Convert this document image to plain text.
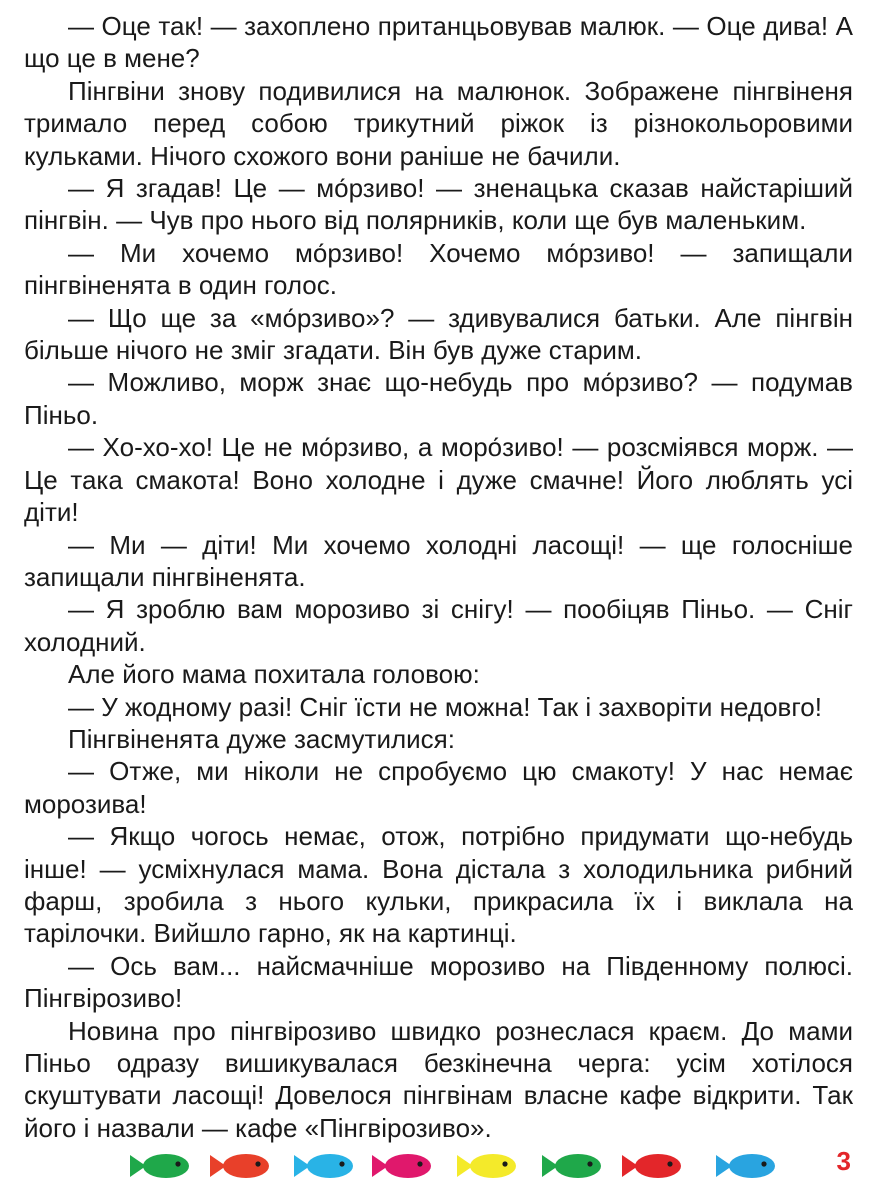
— Оце так! — захоплено пританцьовував малюк. — Оце дива! А що це в мене?

Пінгвіни знову подивилися на малюнок. Зображене пінгвіненя тримало перед собою трикутний ріжок із різнокольоровими кульками. Нічого схожого вони раніше не бачили.

— Я згадав! Це — мо́рзиво! — зненацька сказав найстаріший пінгвін. — Чув про нього від полярників, коли ще був маленьким.

— Ми хочемо мо́рзиво! Хочемо мо́рзиво! — запищали пінгвіненята в один голос.

— Що ще за «мо́рзиво»? — здивувалися батьки. Але пінгвін більше нічого не зміг згадати. Він був дуже старим.

— Можливо, морж знає що-небудь про мо́рзиво? — подумав Піньо.

— Хо-хо-хо! Це не мо́рзиво, а моро́зиво! — розсміявся морж. — Це така смакота! Воно холодне і дуже смачне! Його люблять усі діти!

— Ми — діти! Ми хочемо холодні ласощі! — ще голосніше запищали пінгвіненята.

— Я зроблю вам морозиво зі снігу! — пообіцяв Піньо. — Сніг холодний.

Але його мама похитала головою:

— У жодному разі! Сніг їсти не можна! Так і захворіти недовго!

Пінгвіненята дуже засмутилися:

— Отже, ми ніколи не спробуємо цю смакоту! У нас немає морозива!

— Якщо чогось немає, отож, потрібно придумати що-небудь інше! — усміхнулася мама. Вона дістала з холодильника рибний фарш, зробила з нього кульки, прикрасила їх і виклала на тарілочки. Вийшло гарно, як на картинці.

— Ось вам... найсмачніше морозиво на Південному полюсі. Пінгвірозиво!

Новина про пінгвірозиво швидко рознеслася краєм. До мами Піньо одразу вишикувалася безкінечна черга: усім хотілося скуштувати ласощі! Довелося пінгвінам власне кафе відкрити. Так його і назвали — кафе «Пінгвірозиво».

3
